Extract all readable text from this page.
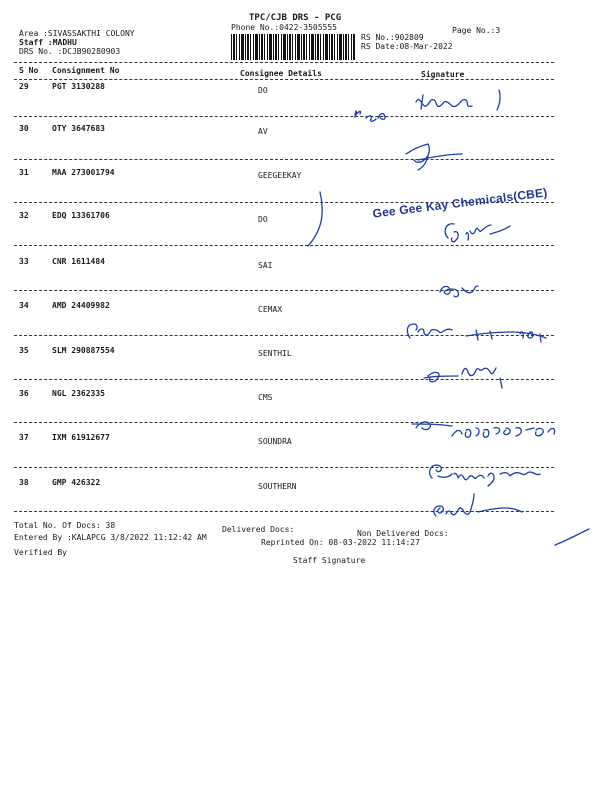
TPC/CJB DRS - PCG
Phone No.:0422-3505555	Page No.:3
Area :SIVASSAKTHI COLONY
Staff :MADHU
DRS No. :DCJB90280903
RS No.:902809
RS Date:08-Mar-2022
S No Consignment No	Consignee Details	Signature
29	PGT 3130288	DO
30	OTY 3647683	AV
31	MAA 273001794	GEEGEEKAY
32	EDQ 13361706	DO
33	CNR 1611484	SAI
34	AMD 24409982	CEMAX
35	SLM 290887554	SENTHIL
36	NGL 2362335	CMS
37	IXM 61912677	SOUNDRA
38	GMP 426322	SOUTHERN
Gee Gee Kay Chemicals(CBE)
Total No. Of Docs: 38	Delivered Docs:	Non Delivered Docs:
Entered By :KALAPCG 3/8/2022 11:12:42 AM
Reprinted On: 08-03-2022 11:14:27
Verified By
Staff Signature
